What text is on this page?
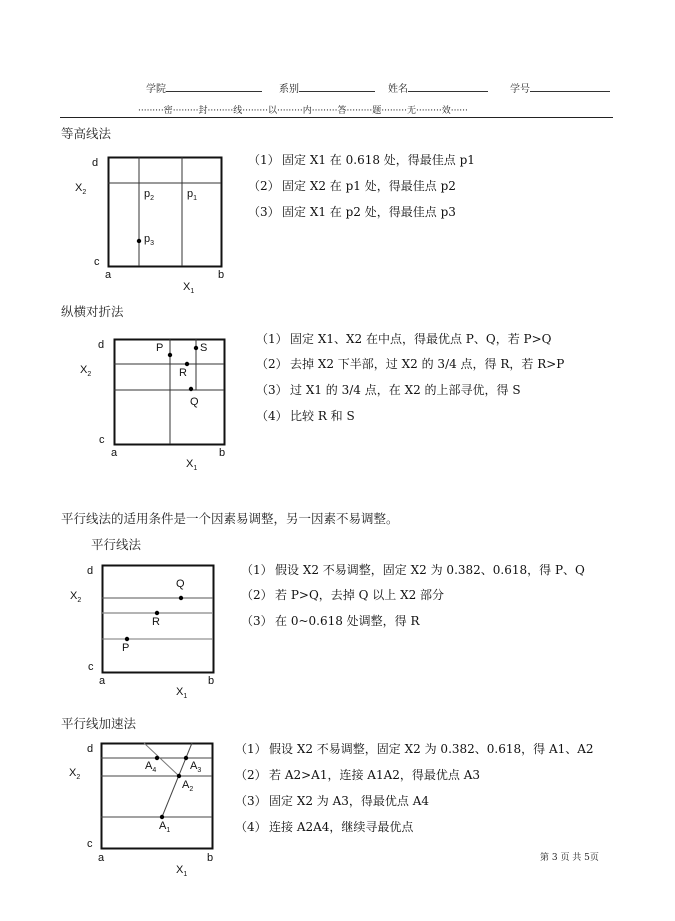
学院	系别	姓名	学号
·········密·········封·········线·········以·········内·········答·········题·········无·········效······
等高线法
d
c
a	b
$X_2$
$X_1$
$p_2$	$p_1$
$p_3$
（1） 固定 X1 在 0.618 处，得最佳点 p1
（2） 固定 X2 在 p1 处，得最佳点 p2
（3） 固定 X1 在 p2 处，得最佳点 p3
纵横对折法
d
c
a	b
$X_2$
$X_1$
P	S
R
Q
（1） 固定 X1、X2 在中点，得最优点 P、Q，若 P>Q
（2） 去掉 X2 下半部，过 X2 的 3/4 点，得 R，若 R>P
（3） 过 X1 的 3/4 点，在 X2 的上部寻优，得 S
（4） 比较 R 和 S
平行线法的适用条件是一个因素易调整，另一因素不易调整。
平行线法
d
c
a	b
$X_2$
$X_1$
Q
R
P
（1） 假设 X2 不易调整，固定 X2 为 0.382、0.618，得 P、Q
（2） 若 P>Q，去掉 Q 以上 X2 部分
（3） 在 0~0.618 处调整，得 R
平行线加速法
d
c
a	b
$X_2$
$X_1$
$A_4$	$A_3$
$A_2$
$A_1$
（1） 假设 X2 不易调整，固定 X2 为 0.382、0.618，得 A1、A2
（2） 若 A2>A1，连接 A1A2，得最优点 A3
（3） 固定 X2 为 A3，得最优点 A4
（4） 连接 A2A4，继续寻最优点
第 3 页 共 5页
